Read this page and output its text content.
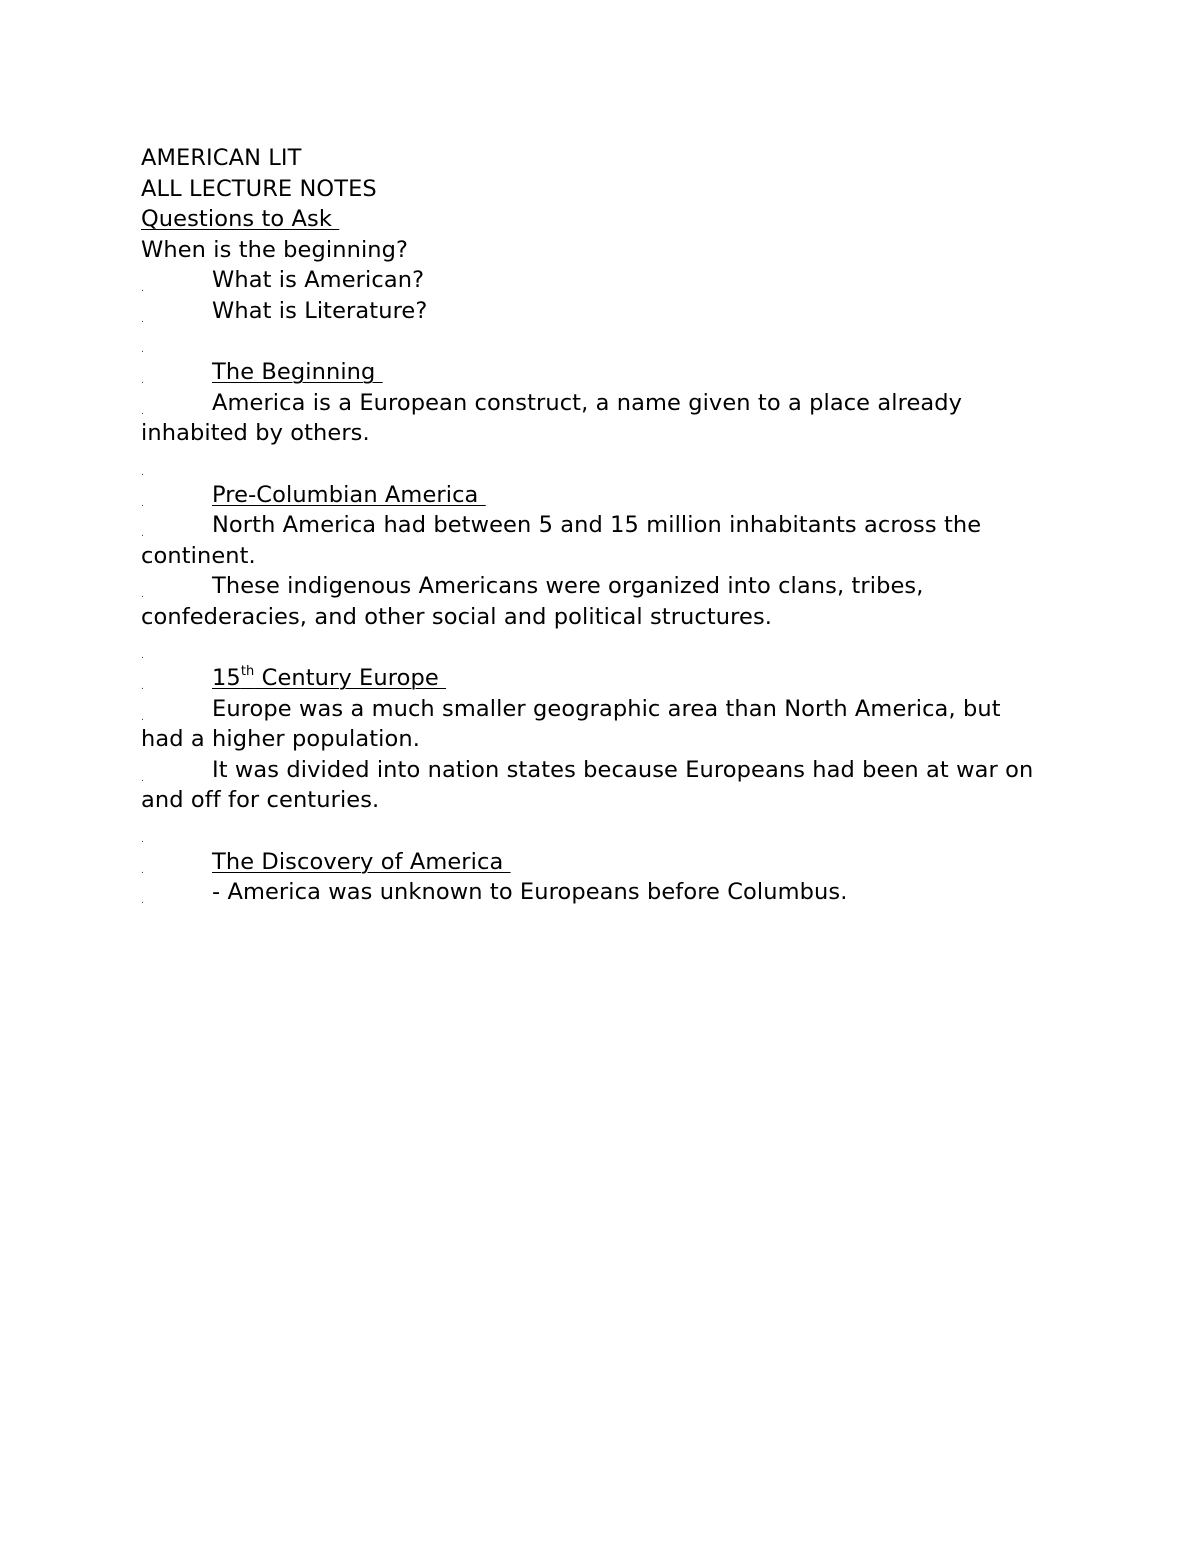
AMERICAN LIT
ALL LECTURE NOTES
Questions to Ask
When is the beginning?
.	What is American?
.	What is Literature?
.
.	The Beginning
.	America is a European construct, a name given to a place already inhabited by others.
.
.	Pre-Columbian America
.	North America had between 5 and 15 million inhabitants across the continent.
.	These indigenous Americans were organized into clans, tribes, confederacies, and other social and political structures.
.
.	15th Century Europe
.	Europe was a much smaller geographic area than North America, but had a higher population.
.	It was divided into nation states because Europeans had been at war on and off for centuries.
.
.	The Discovery of America
.	- America was unknown to Europeans before Columbus.
